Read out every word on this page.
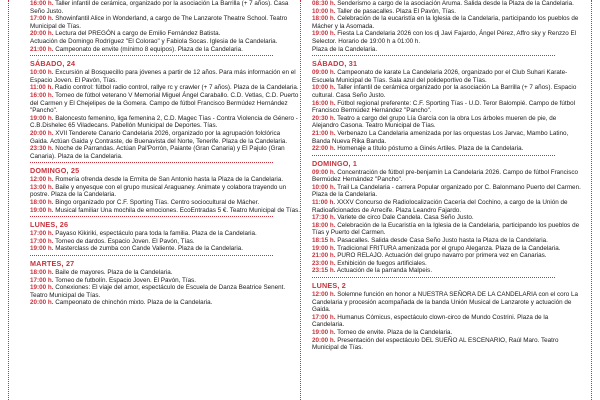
16:00 h. Taller infantil de cerámica, organizado por la asociación La Barrilla (+ 7 años). Casa Seño Justo.

17:00 h. Showinfantil Alice in Wonderland, a cargo de The Lanzarote Theatre School. Teatro Municipal de Tías.

20:00 h. Lectura del PREGÓN a cargo de Emilio Fernández Batista.

Actuación de Domingo Rodríguez "El Colorao" y Fabiola Socas. Iglesia de la Candelaria.

21:00 h. Campeonato de envite (mínimo 8 equipos). Plaza de la Candelaria.

SÁBADO, 24

10:00 h. Excursión al Bosquecillo para jóvenes a partir de 12 años. Para más información en el Espacio Joven. El Pavón, Tías.

11:00 h. Radio control: fútbol radio control, rallye rc y crawler (+ 7 años). Plaza de la Candelaria.

16:00 h. Torneo de fútbol veterano V Memorial Miguel Ángel Caraballo. C.D. Vetlas, C.D. Puerto del Carmen y El Chejelipes de la Gomera. Campo de fútbol Francisco Bermúdez Hernández "Pancho".

19:00 h. Baloncesto femenino, liga femenina 2, C.D. Magec Tías - Contra Violencia de Género - C.B.Dishelec 65 Viladecans. Pabellón Municipal de Deportes. Tías.

20:00 h. XVII Tenderete Canario Candelaria 2026, organizado por la agrupación folclórica Gaida. Actúan Gaida y Contraste, de Buenavista del Norte, Tenerife. Plaza de la Candelaria.

23:30 h. Noche de Parrandas. Actúan Pal'Porrón, Paiante (Gran Canaria) y El Pajulo (Gran Canaria). Plaza de la Candelaria.

DOMINGO, 25

12:00 h. Romería ofrenda desde la Ermita de San Antonio hasta la Plaza de la Candelaria.

13:00 h. Baile y enyesque con el grupo musical Araguaney. Animate y colabora trayendo un postre. Plaza de la Candelaria.

18:00 h. Bingo organizado por C.F. Sporting Tías. Centro sociocultural de Mácher.

19:00 h. Musical familiar Una mochila de emociones. EcoEntradas 5 €. Teatro Municipal de Tías.

LUNES, 26

17:00 h. Payaso Kikiriki, espectáculo para toda la familia. Plaza de la Candelaria.

17:00 h. Torneo de dardos. Espacio Joven. El Pavón, Tías.

19:00 h. Masterclass de zumba con Cande Valiente. Plaza de la Candelaria.

MARTES, 27

18:00 h. Baile de mayores. Plaza de la Candelaria.

17:00 h. Torneo de futbolín. Espacio Joven. El Pavón, Tías.

19:00 h. Conexiones: El viaje del amor, espectáculo de Escuela de Danza Beatrice Senent. Teatro Municipal de Tías.

20:00 h. Campeonato de chinchón mixto. Plaza de la Candelaria.

08:30 h. Senderismo a cargo de la asociación Aruma. Salida desde la Plaza de la Candelaria.

10:00 h. Taller de pasacalles. Plaza El Pavón, Tías.

18:00 h. Celebración de la eucaristía en la Iglesia de la Candelaria, participando los pueblos de Mácher y la Asomada.

19:00 h. Fiesta La Candelaria 2026 con los dj Javi Fajardo, Ángel Pérez, Affro sky y Renzzo El Selector. Horario de 19:00 h a 01:00 h.

Plaza de la Candelaria.

SÁBADO, 31

09:00 h. Campeonato de karate La Candelaria 2026, organizado por el Club Suhari Karate-Escuela Municipal de Tías. Sala azul del polideportivo de Tías.

10:00 h. Taller infantil de cerámica organizado por la asociación La Barrilla (+ 7 años). Espacio cultural. Casa Seño Justo.

16:00 h. Fútbol regional preferente: C.F. Sporting Tías - U.D. Teror Balompié. Campo de fútbol Francisco Bermúdez Hernández "Pancho".

20:30 h. Teatro a cargo del grupo Lía García con la obra Los árboles mueren de pie, de Alejandro Casona. Teatro Municipal de Tías.

21:00 h. Verbenazo La Candelaria amenizada por las orquestas Los Jarvac, Mambo Latino, Banda Nueva Rika Banda.

22:00 h. Homenaje a título póstumo a Ginés Artiles. Plaza de la Candelaria.

DOMINGO, 1

09:00 h. Concentración de fútbol pre-benjamín La Candelaria 2026. Campo de fútbol Francisco Bermúdez Hernández "Pancho".

10:00 h. Trail La Candelaria - carrera Popular organizado por C. Balonmano Puerto del Carmen. Plaza de la Candelaria.

11:00 h. XXXV Concurso de Radiolocalización Cacería del Cochino, a cargo de la Unión de Radioaficionados de Arrecife. Plaza Leandro Fajardo.

17:30 h. Variete de circo Dale Candela. Casa Seño Justo.

18:00 h. Celebración de la Eucaristía en la Iglesia de la Candelaria, participando los pueblos de Tías y Puerto del Carmen.

18:15 h. Pasacalles. Salida desde Casa Seño Justo hasta la Plaza de la Candelaria.

19:00 h. Tradicional FRITURA amenizada por el grupo Aleganza. Plaza de la Candelaria.

21:00 h. PURO RELAJO. Actuación del grupo navarro por primera vez en Canarias.

23:00 h. Exhibición de fuegos artificiales.

23:15 h. Actuación de la parranda Malpeis.

LUNES, 2

12:00 h. Solemne función en honor a NUESTRA SEÑORA DE LA CANDELARIA con el coro La Candelaria y procesión acompañada de la banda Unión Musical de Lanzarote y actuación de Gaida.

17:00 h. Humanus Cómicus, espectáculo clown-circo de Mundo Costrini. Plaza de la Candelaria.

19:00 h. Torneo de envite. Plaza de la Candelaria.

20:00 h. Presentación del espectáculo DEL SUEÑO AL ESCENARIO, Raúl Maro. Teatro Municipal de Tías.
